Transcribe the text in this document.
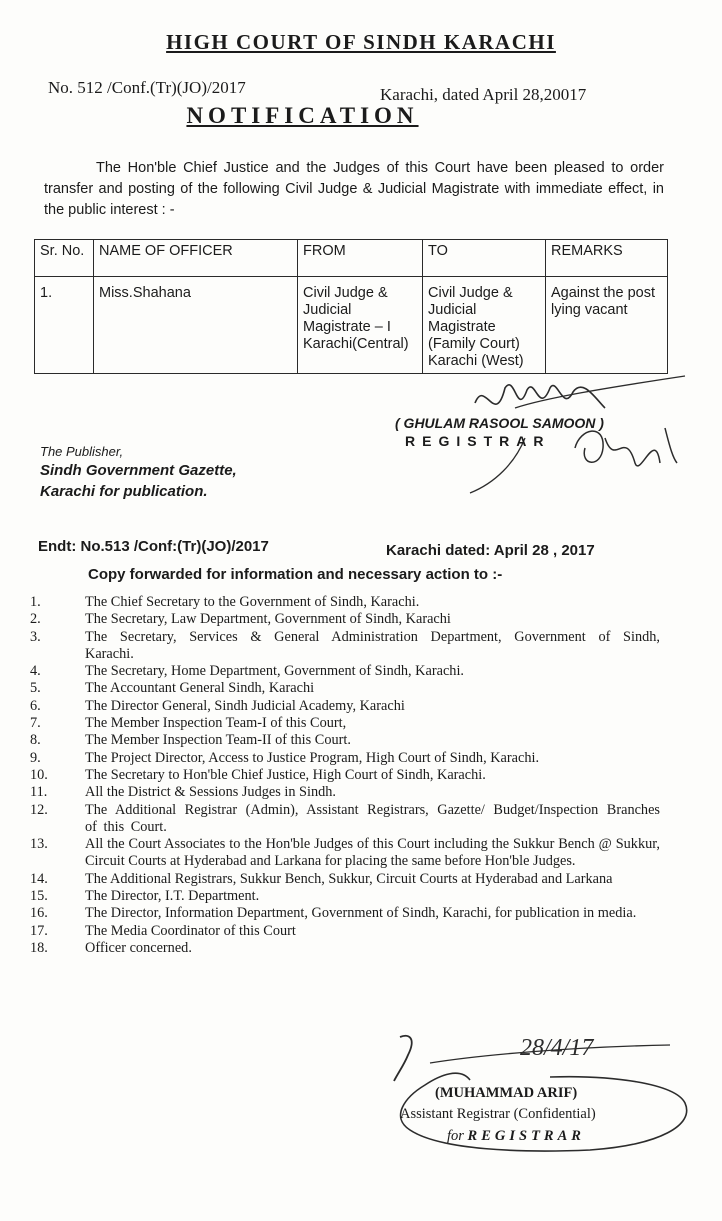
HIGH COURT OF SINDH KARACHI
No. 512 /Conf.(Tr)(JO)/2017	Karachi, dated April 28,20017
NOTIFICATION
The Hon'ble Chief Justice and the Judges of this Court have been pleased to order transfer and posting of the following Civil Judge & Judicial Magistrate with immediate effect, in the public interest : -
Sr. No.	NAME OF OFFICER	FROM	TO	REMARKS
1.	Miss.Shahana	Civil Judge & Judicial Magistrate – I Karachi(Central)	Civil Judge & Judicial Magistrate (Family Court) Karachi (West)	Against the post lying vacant
( GHULAM RASOOL SAMOON )
REGISTRAR
The Publisher,
Sindh Government Gazette,
Karachi for publication.
Endt: No.513 /Conf:(Tr)(JO)/2017	Karachi dated: April 28 , 2017
Copy forwarded for information and necessary action to :-
1.	The Chief Secretary to the Government of Sindh, Karachi.
2.	The Secretary, Law Department, Government of Sindh, Karachi
3.	The Secretary, Services & General Administration Department, Government of Sindh, Karachi.
4.	The Secretary, Home Department, Government of Sindh, Karachi.
5.	The Accountant General Sindh, Karachi
6.	The Director General, Sindh Judicial Academy, Karachi
7.	The Member Inspection Team-I of this Court,
8.	The Member Inspection Team-II of this Court.
9.	The Project Director, Access to Justice Program, High Court of Sindh, Karachi.
10.	The Secretary to Hon'ble Chief Justice, High Court of Sindh, Karachi.
11.	All the District & Sessions Judges in Sindh.
12.	The Additional Registrar (Admin), Assistant Registrars, Gazette/ Budget/Inspection Branches of this Court.
13.	All the Court Associates to the Hon'ble Judges of this Court including the Sukkur Bench @ Sukkur, Circuit Courts at Hyderabad and Larkana for placing the same before Hon'ble Judges.
14.	The Additional Registrars, Sukkur Bench, Sukkur, Circuit Courts at Hyderabad and Larkana
15.	The Director, I.T. Department.
16.	The Director, Information Department, Government of Sindh, Karachi, for publication in media.
17.	The Media Coordinator of this Court
18.	Officer concerned.
28/4/17
(MUHAMMAD ARIF)
Assistant Registrar (Confidential)
for REGISTRAR
